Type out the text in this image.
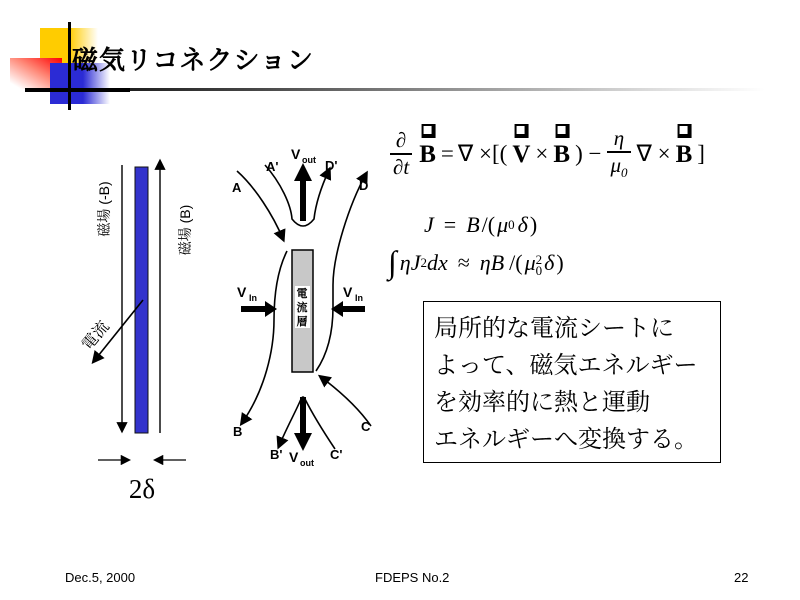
磁気リコネクション
磁場 (-B)	磁場 (B)
電流
2δ
電
流
層
A
A'	D'
D
B
B'	C'
C
V out
V out
V In	V In
$\frac{\partial}{\partial t}$ B = ∇ ×[( V × B ) − $\frac{\eta}{\mu_0}$ ∇ × B ]
J = B /( μ 0 δ )
∫ η J 2 dx ≈ η B /( μ 2
0 δ )
局所的な電流シートに
よって、磁気エネルギー
を効率的に熱と運動
エネルギーへ変換する。
Dec.5, 2000	FDEPS No.2	22
